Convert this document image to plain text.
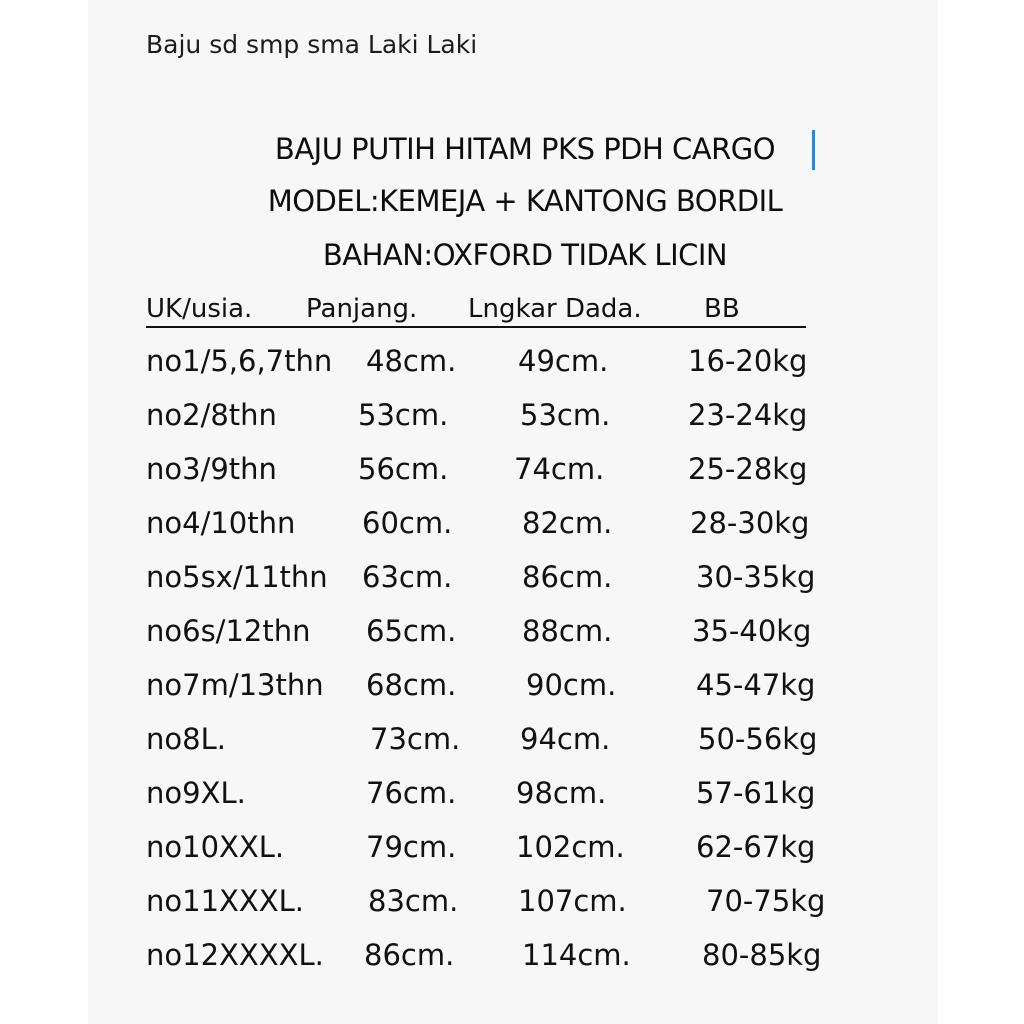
Baju sd smp sma Laki Laki
BAJU PUTIH HITAM PKS PDH CARGO
MODEL:KEMEJA + KANTONG BORDIL
BAHAN:OXFORD TIDAK LICIN
UK/usia. Panjang. Lngkar Dada. BB
no1/5,6,7thn 48cm. 49cm.	16-20kg
no2/8thn	53cm. 53cm.	23-24kg
no3/9thn	56cm. 74cm.	25-28kg
no4/10thn 60cm. 82cm.	28-30kg
no5sx/11thn 63cm. 86cm.	30-35kg
no6s/12thn 65cm. 88cm.	35-40kg
no7m/13thn 68cm. 90cm.	45-47kg
no8L.	73cm. 94cm.	50-56kg
no9XL.	76cm. 98cm.	57-61kg
no10XXL.	79cm. 102cm. 62-67kg
no11XXXL. 83cm. 107cm.	70-75kg
no12XXXXL. 86cm. 114cm. 80-85kg
